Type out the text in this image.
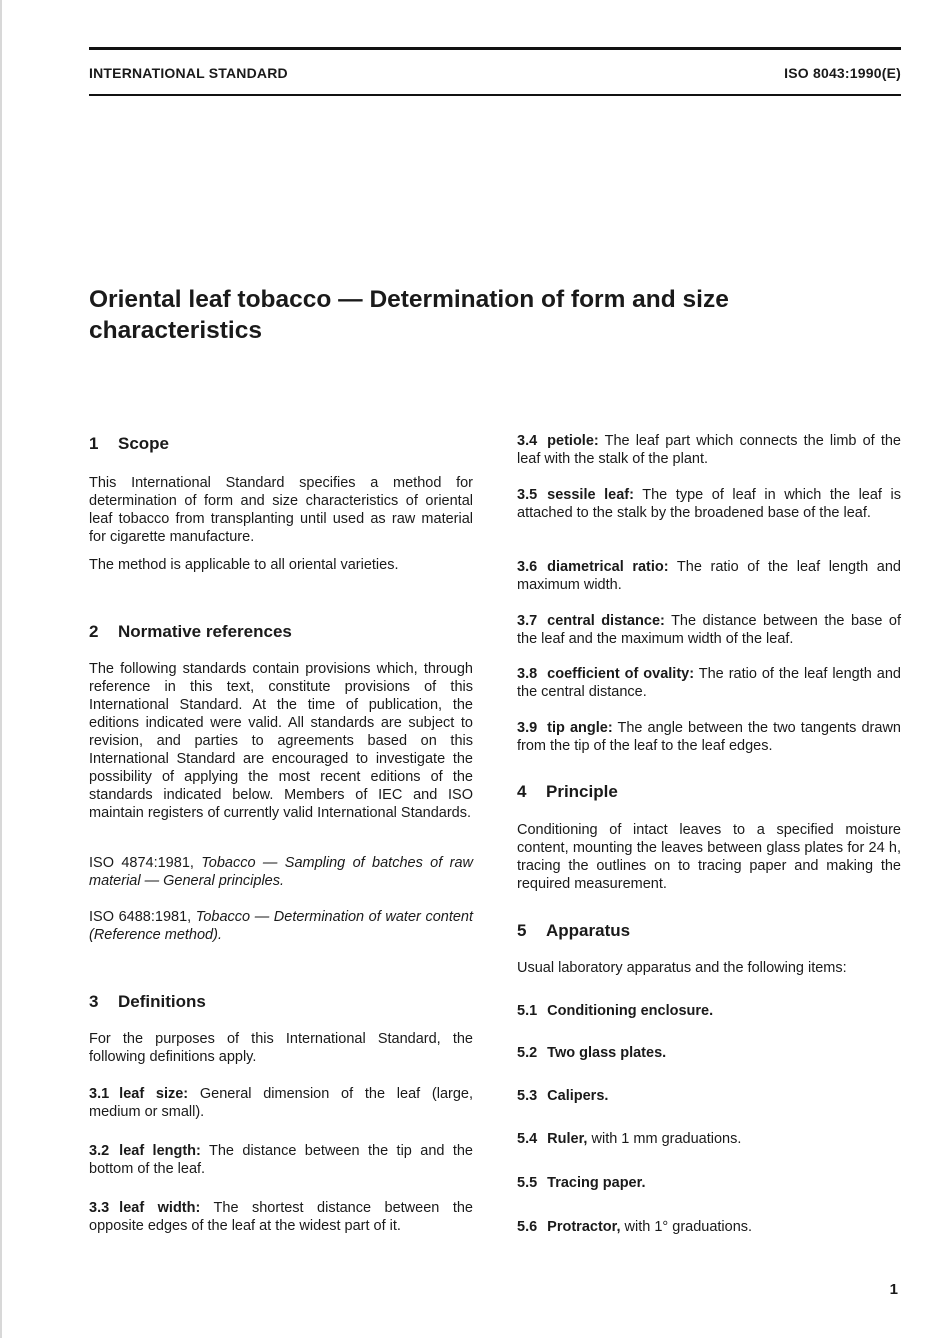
INTERNATIONAL STANDARD	ISO 8043:1990(E)
Oriental leaf tobacco — Determination of form and size
characteristics
1 Scope

This International Standard specifies a method for determination of form and size characteristics of oriental leaf tobacco from transplanting until used as raw material for cigarette manufacture.

The method is applicable to all oriental varieties.

2 Normative references

The following standards contain provisions which, through reference in this text, constitute provisions of this International Standard. At the time of publication, the editions indicated were valid. All standards are subject to revision, and parties to agreements based on this International Standard are encouraged to investigate the possibility of applying the most recent editions of the standards indicated below. Members of IEC and ISO maintain registers of currently valid International Standards.

ISO 4874:1981, Tobacco — Sampling of batches of raw material — General principles.

ISO 6488:1981, Tobacco — Determination of water content (Reference method).

3 Definitions

For the purposes of this International Standard, the following definitions apply.

3.1 leaf size: General dimension of the leaf (large, medium or small).

3.2 leaf length: The distance between the tip and the bottom of the leaf.

3.3 leaf width: The shortest distance between the opposite edges of the leaf at the widest part of it.

3.4 petiole: The leaf part which connects the limb of the leaf with the stalk of the plant.

3.5 sessile leaf: The type of leaf in which the leaf is attached to the stalk by the broadened base of the leaf.

3.6 diametrical ratio: The ratio of the leaf length and maximum width.

3.7 central distance: The distance between the base of the leaf and the maximum width of the leaf.

3.8 coefficient of ovality: The ratio of the leaf length and the central distance.

3.9 tip angle: The angle between the two tangents drawn from the tip of the leaf to the leaf edges.

4 Principle

Conditioning of intact leaves to a specified moisture content, mounting the leaves between glass plates for 24 h, tracing the outlines on to tracing paper and making the required measurement.

5 Apparatus

Usual laboratory apparatus and the following items:

5.1 Conditioning enclosure.

5.2 Two glass plates.

5.3 Calipers.

5.4 Ruler, with 1 mm graduations.

5.5 Tracing paper.

5.6 Protractor, with 1° graduations.

1
